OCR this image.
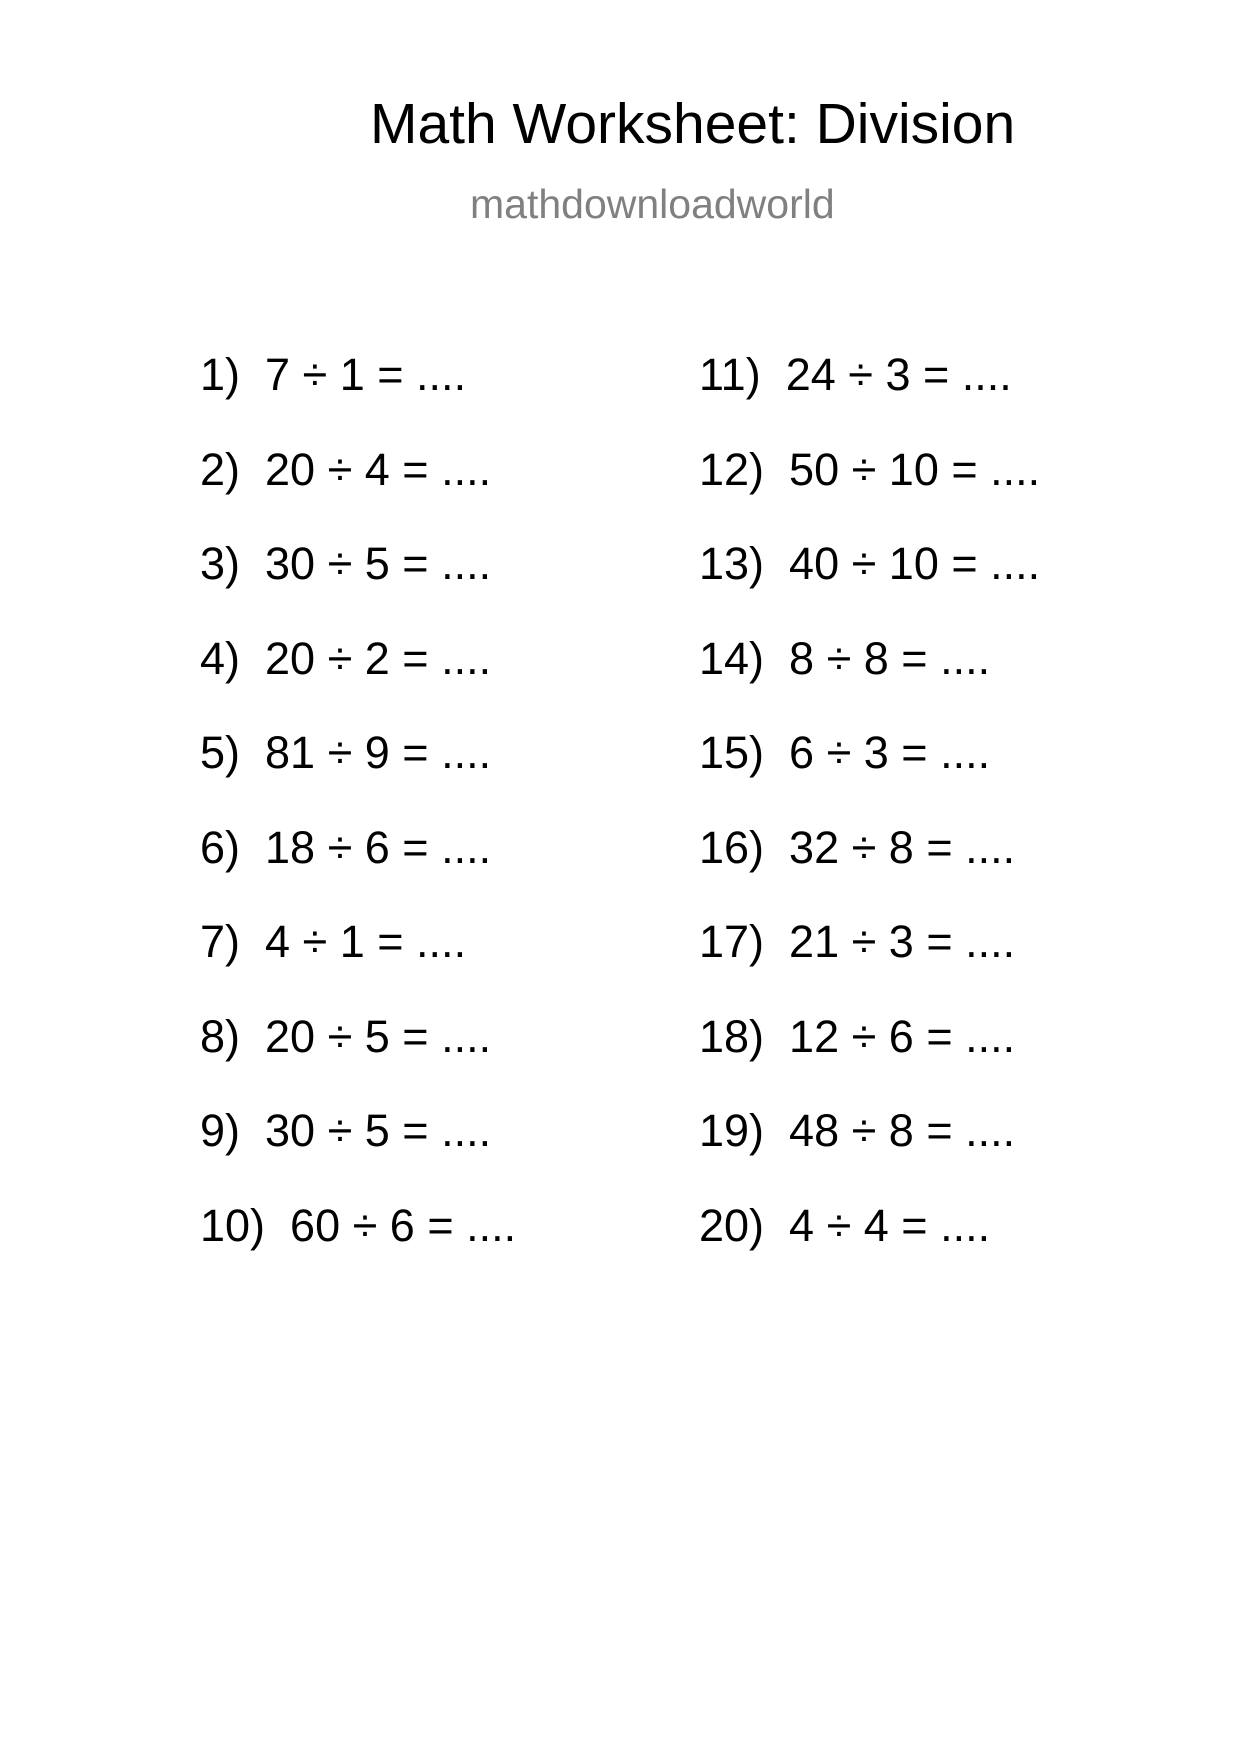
Math Worksheet: Division
mathdownloadworld
1)  7 ÷ 1 = ....
2)  20 ÷ 4 = ....
3)  30 ÷ 5 = ....
4)  20 ÷ 2 = ....
5)  81 ÷ 9 = ....
6)  18 ÷ 6 = ....
7)  4 ÷ 1 = ....
8)  20 ÷ 5 = ....
9)  30 ÷ 5 = ....
10)  60 ÷ 6 = ....
11)  24 ÷ 3 = ....
12)  50 ÷ 10 = ....
13)  40 ÷ 10 = ....
14)  8 ÷ 8 = ....
15)  6 ÷ 3 = ....
16)  32 ÷ 8 = ....
17)  21 ÷ 3 = ....
18)  12 ÷ 6 = ....
19)  48 ÷ 8 = ....
20)  4 ÷ 4 = ....
